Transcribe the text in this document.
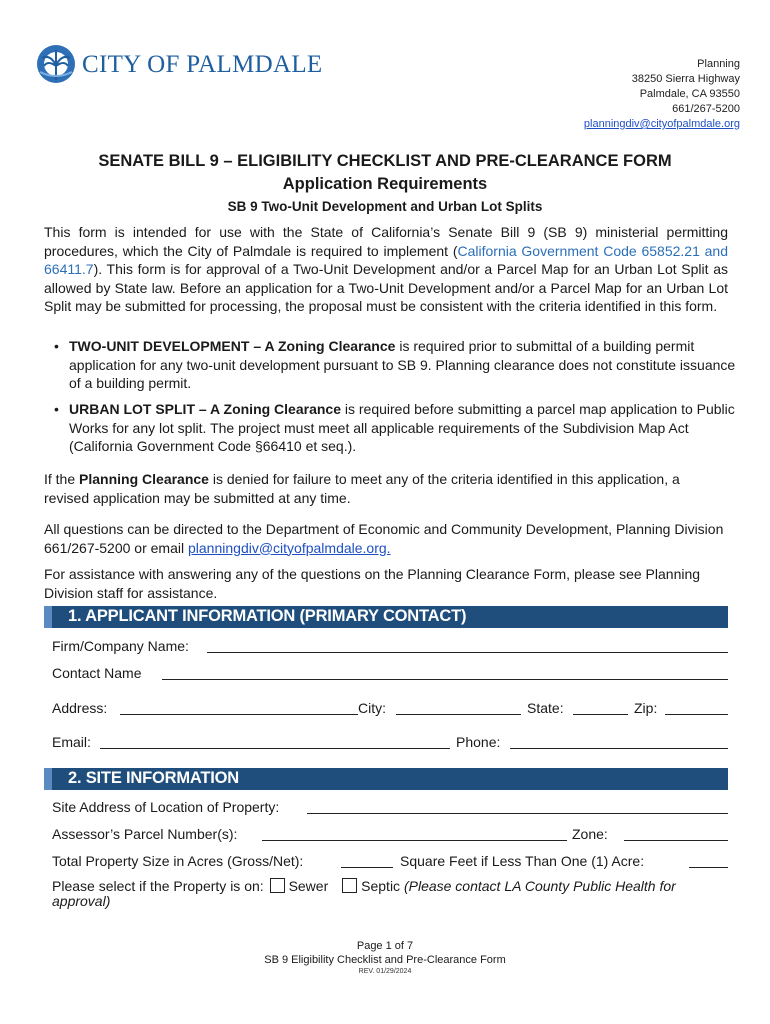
CITY OF PALMDALE	Planning
38250 Sierra Highway
Palmdale, CA 93550
661/267-5200
planningdiv@cityofpalmdale.org
SENATE BILL 9 – ELIGIBILITY CHECKLIST AND PRE-CLEARANCE FORM
Application Requirements
SB 9 Two-Unit Development and Urban Lot Splits
This form is intended for use with the State of California’s Senate Bill 9 (SB 9) ministerial permitting procedures, which the City of Palmdale is required to implement (California Government Code 65852.21 and 66411.7). This form is for approval of a Two-Unit Development and/or a Parcel Map for an Urban Lot Split as allowed by State law. Before an application for a Two-Unit Development and/or a Parcel Map for an Urban Lot Split may be submitted for processing, the proposal must be consistent with the criteria identified in this form.
• TWO-UNIT DEVELOPMENT – A Zoning Clearance is required prior to submittal of a building permit application for any two-unit development pursuant to SB 9. Planning clearance does not constitute issuance of a building permit.
• URBAN LOT SPLIT – A Zoning Clearance is required before submitting a parcel map application to Public Works for any lot split. The project must meet all applicable requirements of the Subdivision Map Act (California Government Code §66410 et seq.).
If the Planning Clearance is denied for failure to meet any of the criteria identified in this application, a revised application may be submitted at any time.
All questions can be directed to the Department of Economic and Community Development, Planning Division 661/267-5200 or email planningdiv@cityofpalmdale.org.
For assistance with answering any of the questions on the Planning Clearance Form, please see Planning Division staff for assistance.
1. APPLICANT INFORMATION (PRIMARY CONTACT)
Firm/Company Name:
Contact Name
Address:	City:	State:	Zip:
Email:	Phone:
2. SITE INFORMATION
Site Address of Location of Property:
Assessor’s Parcel Number(s):	Zone:
Total Property Size in Acres (Gross/Net):	Square Feet if Less Than One (1) Acre:
Please select if the Property is on: Sewer Septic (Please contact LA County Public Health for
approval)
Page 1 of 7
SB 9 Eligibility Checklist and Pre-Clearance Form
REV. 01/29/2024
